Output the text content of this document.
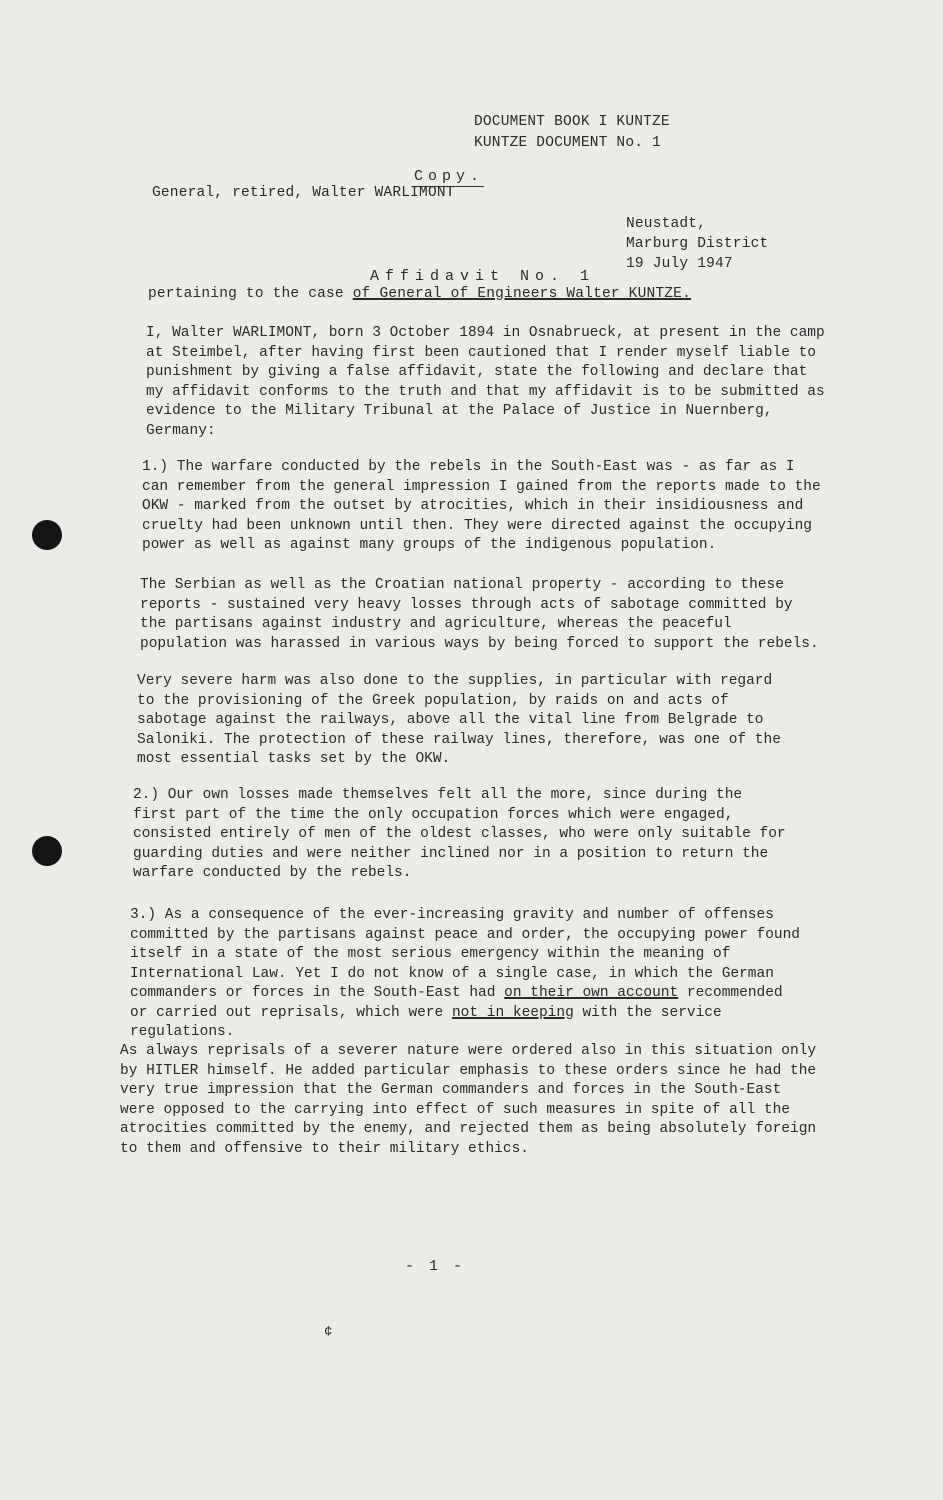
DOCUMENT BOOK I KUNTZE
KUNTZE DOCUMENT No. 1
Copy.
General, retired, Walter WARLIMONT
Neustadt,
Marburg District
19 July 1947
Affidavit No. 1
pertaining to the case of General of Engineers Walter KUNTZE.
I, Walter WARLIMONT, born 3 October 1894 in Osnabrueck, at present in the camp at Steimbel, after having first been cautioned that I render myself liable to punishment by giving a false affidavit, state the following and declare that my affidavit conforms to the truth and that my affidavit is to be submitted as evidence to the Military Tribunal at the Palace of Justice in Nuernberg, Germany:
1.) The warfare conducted by the rebels in the South-East was - as far as I can remember from the general impression I gained from the reports made to the OKW - marked from the outset by atrocities, which in their insidiousness and cruelty had been unknown until then. They were directed against the occupying power as well as against many groups of the indigenous population.
The Serbian as well as the Croatian national property - according to these reports - sustained very heavy losses through acts of sabotage committed by the partisans against industry and agriculture, whereas the peaceful population was harassed in various ways by being forced to support the rebels.
Very severe harm was also done to the supplies, in particular with regard to the provisioning of the Greek population, by raids on and acts of sabotage against the railways, above all the vital line from Belgrade to Saloniki. The protection of these railway lines, therefore, was one of the most essential tasks set by the OKW.
2.) Our own losses made themselves felt all the more, since during the first part of the time the only occupation forces which were engaged, consisted entirely of men of the oldest classes, who were only suitable for guarding duties and were neither inclined nor in a position to return the warfare conducted by the rebels.
3.) As a consequence of the ever-increasing gravity and number of offenses committed by the partisans against peace and order, the occupying power found itself in a state of the most serious emergency within the meaning of International Law. Yet I do not know of a single case, in which the German commanders or forces in the South-East had on their own account recommended or carried out reprisals, which were not in keeping with the service regulations.
As always reprisals of a severer nature were ordered also in this situation only by HITLER himself. He added particular emphasis to these orders since he had the very true impression that the German commanders and forces in the South-East were opposed to the carrying into effect of such measures in spite of all the atrocities committed by the enemy, and rejected them as being absolutely foreign to them and offensive to their military ethics.
- 1 -
¢
